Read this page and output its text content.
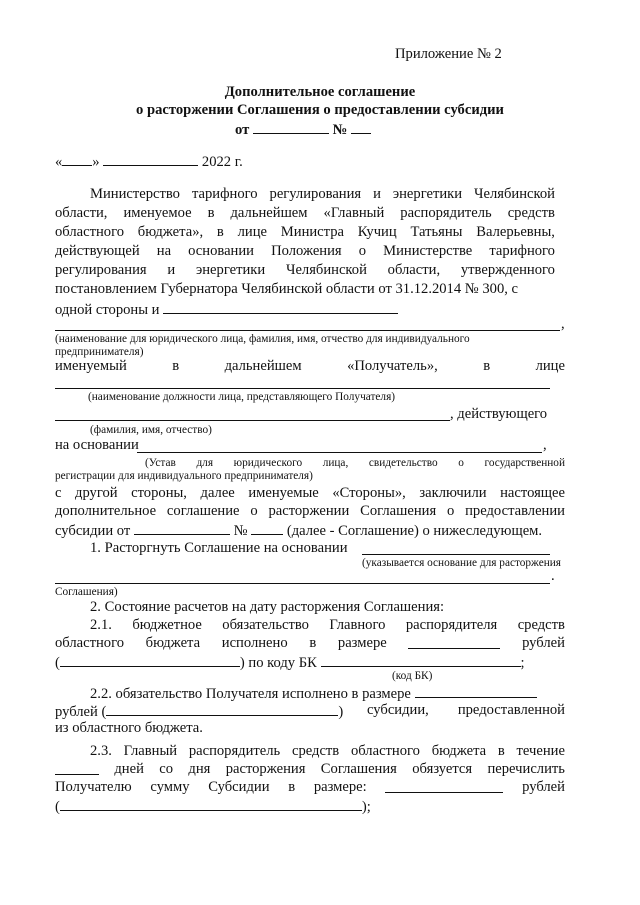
Приложение № 2
Дополнительное соглашение
о расторжении Соглашения о предоставлении субсидии
от	№
« »	2022 г.
Министерство тарифного регулирования и энергетики Челябинской
области, именуемое в дальнейшем «Главный распорядитель средств
областного бюджета», в лице Министра Кучиц Татьяны Валерьевны,
действующей на основании Положения о Министерстве тарифного
регулирования и энергетики Челябинской области, утвержденного
постановлением Губернатора Челябинской области от 31.12.2014 № 300, с
одной стороны и
,
(наименование для юридического лица, фамилия, имя, отчество для индивидуального
предпринимателя)
именуемый	в	дальнейшем	«Получатель»,	в	лице
(наименование должности лица, представляющего Получателя)
, действующего
(фамилия, имя, отчество)
на основании	,
(Устав для юридического лица, свидетельство о государственной
регистрации для индивидуального предпринимателя)
с другой стороны, далее именуемые «Стороны», заключили настоящее
дополнительное соглашение о расторжении Соглашения о предоставлении
субсидии от	№	(далее - Соглашение) о нижеследующем.
1. Расторгнуть Соглашение на основании
(указывается основание для расторжения
.
Соглашения)
2. Состояние расчетов на дату расторжения Соглашения:
2.1. бюджетное обязательство Главного распорядителя средств
областного бюджета исполнено в размере	рублей
(	) по коду БК	;
(код БК)
2.2. обязательство Получателя исполнено в размере
рублей (	) субсидии, предоставленной
из областного бюджета.
2.3. Главный распорядитель средств областного бюджета в течение
дней со дня расторжения Соглашения обязуется перечислить
Получателю сумму Субсидии в размере:	рублей
(	);
